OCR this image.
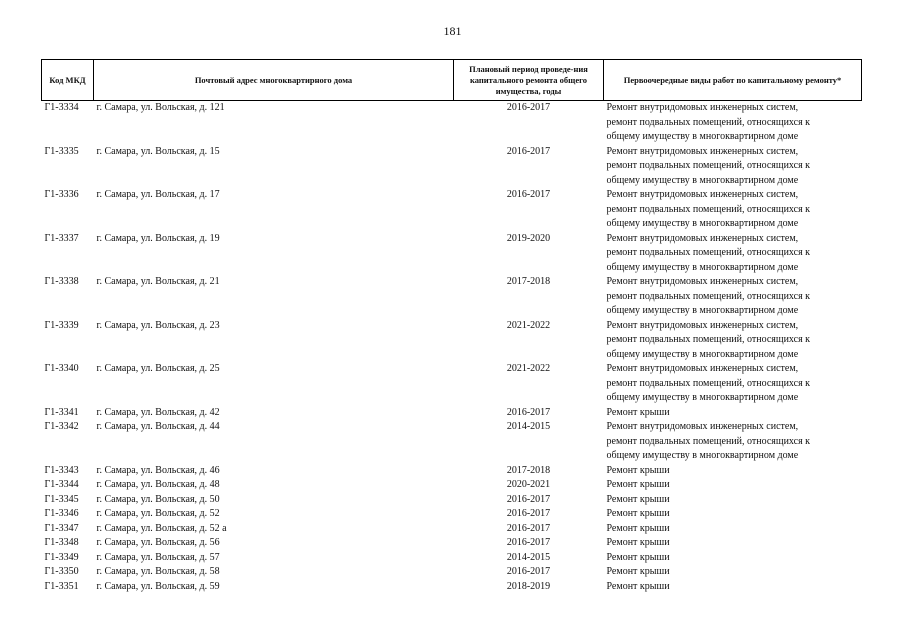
181
Код МКД	Почтовый адрес многоквартирного дома	Плановый период проведе-ния капитального ремонта общего имущества, годы	Первоочередные виды работ по капитальному ремонту*
Г1-3334	г. Самара, ул. Вольская, д. 121	2016-2017	Ремонт внутридомовых инженерных систем,
ремонт подвальных помещений, относящихся к
общему имуществу в многоквартирном доме

Г1-3335	г. Самара, ул. Вольская, д. 15	2016-2017	Ремонт внутридомовых инженерных систем,
ремонт подвальных помещений, относящихся к
общему имуществу в многоквартирном доме

Г1-3336	г. Самара, ул. Вольская, д. 17	2016-2017	Ремонт внутридомовых инженерных систем,
ремонт подвальных помещений, относящихся к
общему имуществу в многоквартирном доме

Г1-3337	г. Самара, ул. Вольская, д. 19	2019-2020	Ремонт внутридомовых инженерных систем,
ремонт подвальных помещений, относящихся к
общему имуществу в многоквартирном доме

Г1-3338	г. Самара, ул. Вольская, д. 21	2017-2018	Ремонт внутридомовых инженерных систем,
ремонт подвальных помещений, относящихся к
общему имуществу в многоквартирном доме

Г1-3339	г. Самара, ул. Вольская, д. 23	2021-2022	Ремонт внутридомовых инженерных систем,
ремонт подвальных помещений, относящихся к
общему имуществу в многоквартирном доме

Г1-3340	г. Самара, ул. Вольская, д. 25	2021-2022	Ремонт внутридомовых инженерных систем,
ремонт подвальных помещений, относящихся к
общему имуществу в многоквартирном доме

Г1-3341	г. Самара, ул. Вольская, д. 42	2016-2017	Ремонт крыши

Г1-3342	г. Самара, ул. Вольская, д. 44	2014-2015	Ремонт внутридомовых инженерных систем,
ремонт подвальных помещений, относящихся к
общему имуществу в многоквартирном доме

Г1-3343	г. Самара, ул. Вольская, д. 46	2017-2018	Ремонт крыши

Г1-3344	г. Самара, ул. Вольская, д. 48	2020-2021	Ремонт крыши

Г1-3345	г. Самара, ул. Вольская, д. 50	2016-2017	Ремонт крыши

Г1-3346	г. Самара, ул. Вольская, д. 52	2016-2017	Ремонт крыши

Г1-3347	г. Самара, ул. Вольская, д. 52 а	2016-2017	Ремонт крыши

Г1-3348	г. Самара, ул. Вольская, д. 56	2016-2017	Ремонт крыши

Г1-3349	г. Самара, ул. Вольская, д. 57	2014-2015	Ремонт крыши

Г1-3350	г. Самара, ул. Вольская, д. 58	2016-2017	Ремонт крыши

Г1-3351	г. Самара, ул. Вольская, д. 59	2018-2019	Ремонт крыши
